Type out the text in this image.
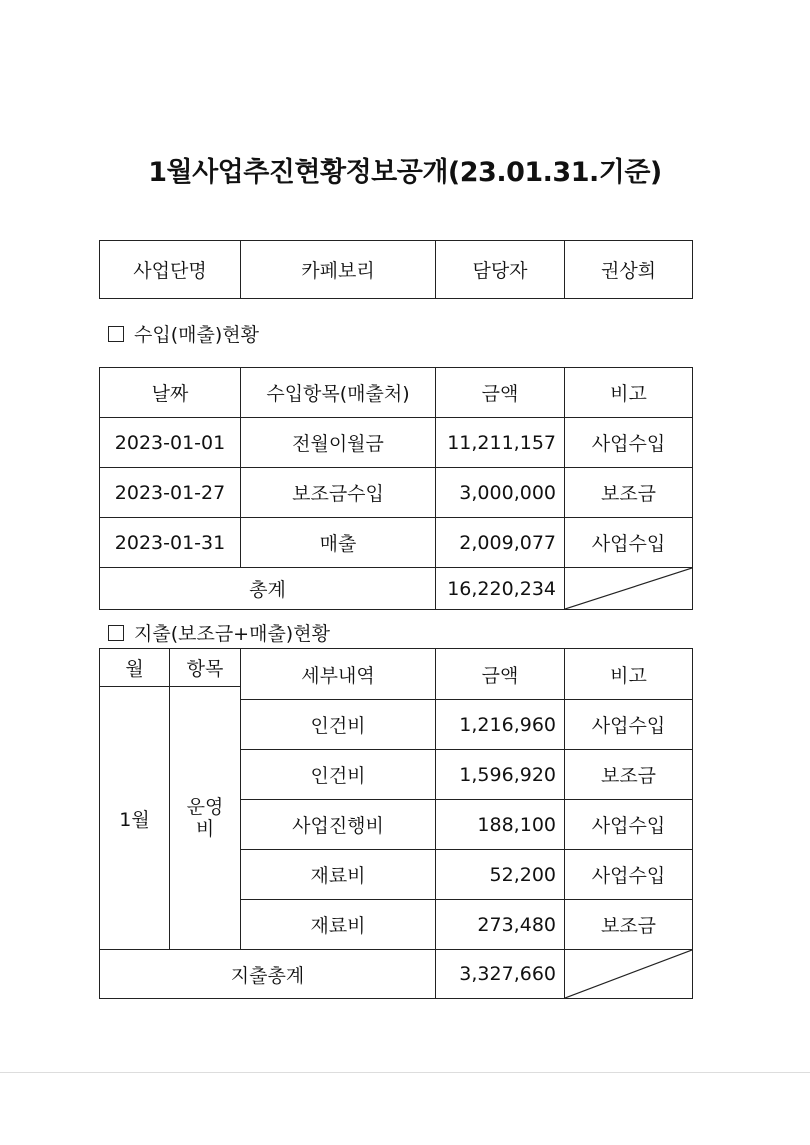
1월사업추진현황정보공개(23.01.31.기준)
사업단명	카페보리	담당자	권상희
수입(매출)현황
날짜	수입항목(매출처)	금액	비고
2023-01-01	전월이월금	11,211,157	사업수입
2023-01-27	보조금수입	3,000,000	보조금
2023-01-31	매출	2,009,077	사업수입
총계		16,220,234	
지출(보조금+매출)현황
월	항목	세부내역	금액	비고
1월	운영비			
		인건비	1,216,960	사업수입
		인건비	1,596,920	보조금
		사업진행비	188,100	사업수입
		재료비	52,200	사업수입
		재료비	273,480	보조금
지출총계			3,327,660	
